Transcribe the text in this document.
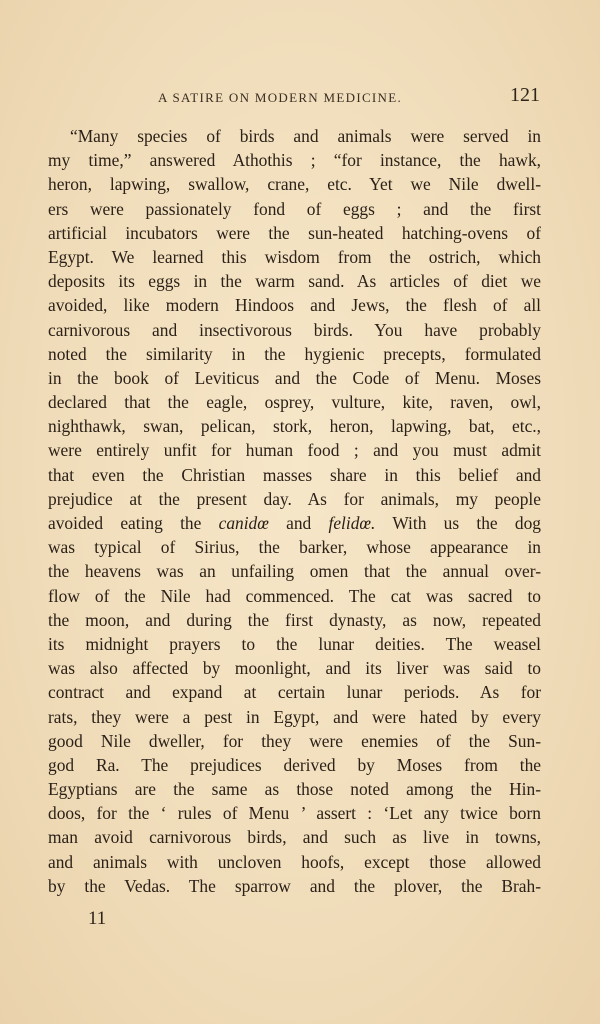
A SATIRE ON MODERN MEDICINE.	121
“Many species of birds and animals were served in
my time,” answered Athothis ; “for instance, the hawk,
heron, lapwing, swallow, crane, etc. Yet we Nile dwell-
ers were passionately fond of eggs ; and the first
artificial incubators were the sun-heated hatching-ovens of
Egypt. We learned this wisdom from the ostrich, which
deposits its eggs in the warm sand. As articles of diet we
avoided, like modern Hindoos and Jews, the flesh of all
carnivorous and insectivorous birds. You have probably
noted the similarity in the hygienic precepts, formulated
in the book of Leviticus and the Code of Menu. Moses
declared that the eagle, osprey, vulture, kite, raven, owl,
nighthawk, swan, pelican, stork, heron, lapwing, bat, etc.,
were entirely unfit for human food ; and you must admit
that even the Christian masses share in this belief and
prejudice at the present day. As for animals, my people
avoided eating the canidœ and felidœ. With us the dog
was typical of Sirius, the barker, whose appearance in
the heavens was an unfailing omen that the annual over-
flow of the Nile had commenced. The cat was sacred to
the moon, and during the first dynasty, as now, repeated
its midnight prayers to the lunar deities. The weasel
was also affected by moonlight, and its liver was said to
contract and expand at certain lunar periods. As for
rats, they were a pest in Egypt, and were hated by every
good Nile dweller, for they were enemies of the Sun-
god Ra. The prejudices derived by Moses from the
Egyptians are the same as those noted among the Hin-
doos, for the ‘ rules of Menu ’ assert : ‘Let any twice born
man avoid carnivorous birds, and such as live in towns,
and animals with uncloven hoofs, except those allowed
by the Vedas. The sparrow and the plover, the Brah-
11
